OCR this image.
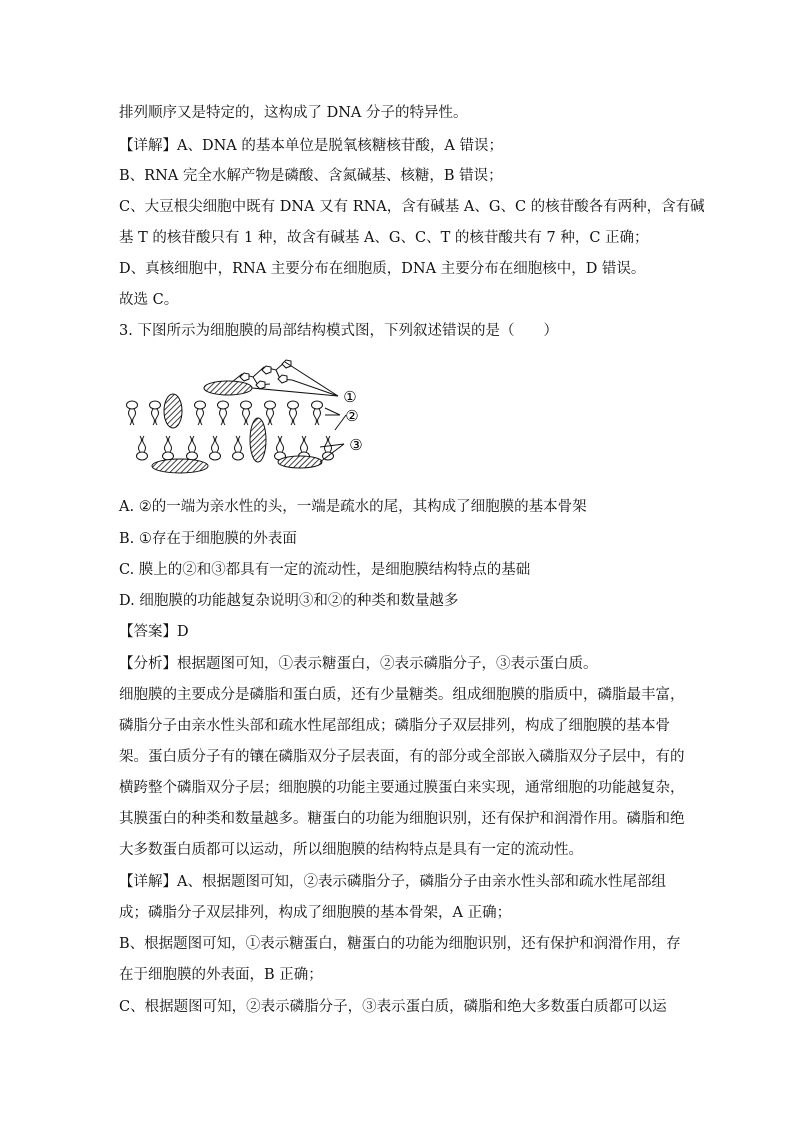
排列顺序又是特定的，这构成了 DNA 分子的特异性。
【详解】A、DNA 的基本单位是脱氧核糖核苷酸，A 错误；
B、RNA 完全水解产物是磷酸、含氮碱基、核糖，B 错误；
C、大豆根尖细胞中既有 DNA 又有 RNA，含有碱基 A、G、C 的核苷酸各有两种，含有碱
基 T 的核苷酸只有 1 种，故含有碱基 A、G、C、T 的核苷酸共有 7 种，C 正确；
D、真核细胞中，RNA 主要分布在细胞质，DNA 主要分布在细胞核中，D 错误。
故选 C。
3. 下图所示为细胞膜的局部结构模式图，下列叙述错误的是（　　）
A. ②的一端为亲水性的头，一端是疏水的尾，其构成了细胞膜的基本骨架
B. ①存在于细胞膜的外表面
C. 膜上的②和③都具有一定的流动性，是细胞膜结构特点的基础
D. 细胞膜的功能越复杂说明③和②的种类和数量越多
【答案】D
【分析】根据题图可知，①表示糖蛋白，②表示磷脂分子，③表示蛋白质。
细胞膜的主要成分是磷脂和蛋白质，还有少量糖类。组成细胞膜的脂质中，磷脂最丰富，
磷脂分子由亲水性头部和疏水性尾部组成；磷脂分子双层排列，构成了细胞膜的基本骨
架。蛋白质分子有的镶在磷脂双分子层表面，有的部分或全部嵌入磷脂双分子层中，有的
横跨整个磷脂双分子层；细胞膜的功能主要通过膜蛋白来实现，通常细胞的功能越复杂，
其膜蛋白的种类和数量越多。糖蛋白的功能为细胞识别，还有保护和润滑作用。磷脂和绝
大多数蛋白质都可以运动，所以细胞膜的结构特点是具有一定的流动性。
【详解】A、根据题图可知，②表示磷脂分子，磷脂分子由亲水性头部和疏水性尾部组
成；磷脂分子双层排列，构成了细胞膜的基本骨架，A 正确；
B、根据题图可知，①表示糖蛋白，糖蛋白的功能为细胞识别，还有保护和润滑作用，存
在于细胞膜的外表面，B 正确；
C、根据题图可知，②表示磷脂分子，③表示蛋白质，磷脂和绝大多数蛋白质都可以运
①
②
③
